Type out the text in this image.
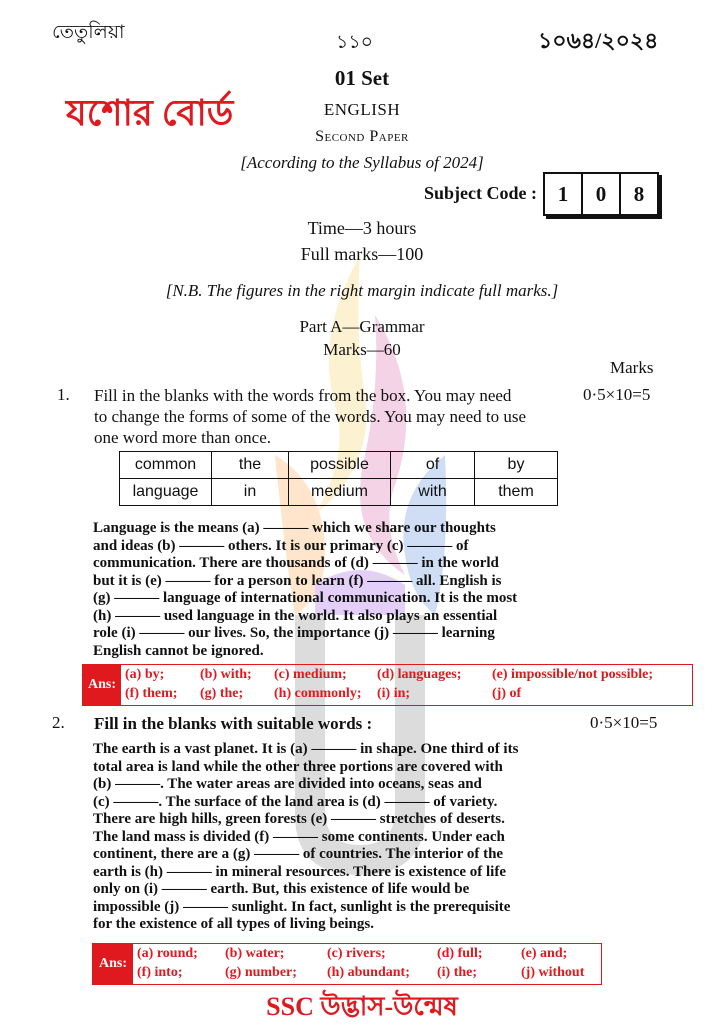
তেতুলিয়া	১১০	১০৬৪/২০২৪
যশোর বোর্ড
01 Set
ENGLISH
Second Paper
[According to the Syllabus of 2024]
Subject Code : 1	0	8
Time—3 hours
Full marks—100
[N.B. The figures in the right margin indicate full marks.]
Part A—Grammar
Marks—60
Marks
1. Fill in the blanks with the words from the box. You may need
to change the forms of some of the words. You may need to use
one word more than once.
0·5×10=5
common	the	possible	of	by
language	in	medium	with	them
Language is the means (a) ——— which we share our thoughts
and ideas (b) ——— others. It is our primary (c) ——— of
communication. There are thousands of (d) ——— in the world
but it is (e) ——— for a person to learn (f) ——— all. English is
(g) ——— language of international communication. It is the most
(h) ——— used language in the world. It also plays an essential
role (i) ——— our lives. So, the importance (j) ——— learning
English cannot be ignored.
Ans:
(a) by;	(b) with;	(c) medium;	(d) languages;	(e) impossible/not possible;
(f) them;	(g) the;	(h) commonly;	(i) in;	(j) of
2. Fill in the blanks with suitable words :	0·5×10=5
The earth is a vast planet. It is (a) ——— in shape. One third of its
total area is land while the other three portions are covered with
(b) ———. The water areas are divided into oceans, seas and
(c) ———. The surface of the land area is (d) ——— of variety.
There are high hills, green forests (e) ——— stretches of deserts.
The land mass is divided (f) ——— some continents. Under each
continent, there are a (g) ——— of countries. The interior of the
earth is (h) ——— in mineral resources. There is existence of life
only on (i) ——— earth. But, this existence of life would be
impossible (j) ——— sunlight. In fact, sunlight is the prerequisite
for the existence of all types of living beings.
Ans:
(a) round;	(b) water;	(c) rivers;	(d) full;	(e) and;
(f) into;	(g) number;	(h) abundant;	(i) the;	(j) without
SSC উদ্ভাস-উন্মেষ
